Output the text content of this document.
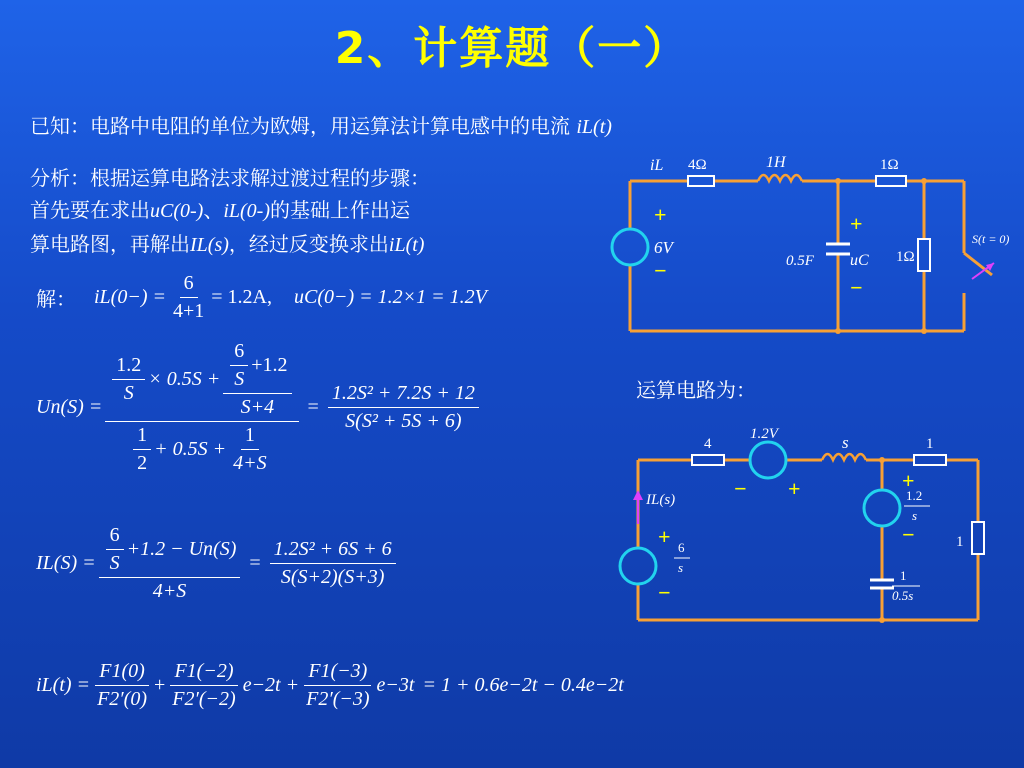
2、计算题（一）
已知：电路中电阻的单位为欧姆，用运算法计算电感中的电流 iL(t)
分析：根据运算电路法求解过渡过程的步骤：
首先要在求出uC(0-)、iL(0-)的基础上作出运
算电路图，再解出IL(s)，经过反变换求出iL(t)
解： $iL(0-) = \frac{6}{4+1} = 1.2A$, uC(0−) = 1.2×1 = 1.2V
Un(S) =
$\frac{1.2}{S} \times 0.5S + \frac{\frac{6}{S} +1.2}{S+4}$
$\frac{1}{2} + 0.5S + \frac{1}{4+S}$
= $\frac{\text{1.2S² + 7.2S + 12}}{\text{S(S² + 5S + 6)}}$
$IL(S) = \frac{\frac{6}{S} +1.2 - Un(S)}{4+S} = \frac{\text{1.2S² + 6S + 6}}{S(S+2)(S+3)}$
$iL(t) = \frac{F1(0)}{F2'(0)} + \frac{F1(-2)}{F2'(-2)} e-2t + \frac{F1(-3)}{F2'(-3)} e-3t = 1 + 0.6e-2t - 0.4e-2t$
iL 4Ω	1H	1Ω
1Ω
+
−
6V
0.5F
+
−
uC
S(t = 0)
运算电路为：
4
1.2V	s	1
1
− +	+
−
+
−
IL(s)	1.2
s
6
s
1
0.5s
